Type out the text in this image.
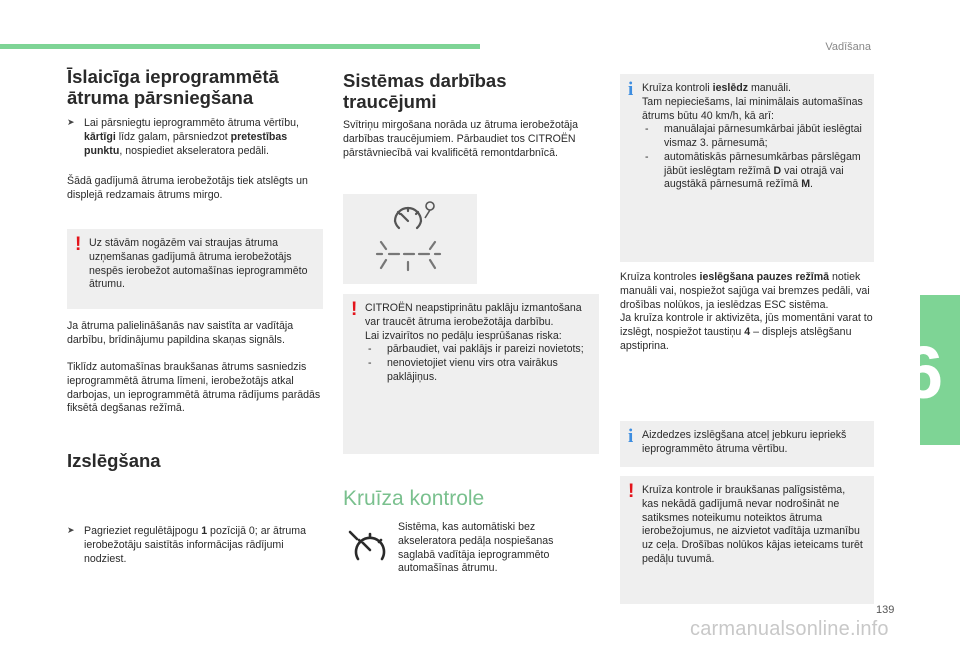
Vadīšana
6
139
carmanualsonline.info
Īslaicīga ieprogrammētā ātruma pārsniegšana
➤ Lai pārsniegtu ieprogrammēto ātruma vērtību, kārtīgi līdz galam, pārsniedzot pretestības punktu, nospiediet akseleratora pedāli.

Šādā gadījumā ātruma ierobežotājs tiek atslēgts un displejā redzamais ātrums mirgo.

! Uz stāvām nogāzēm vai straujas ātruma uzņemšanas gadījumā ātruma ierobežotājs nespēs ierobežot automašīnas ieprogrammēto ātrumu.

Ja ātruma palielināšanās nav saistīta ar vadītāja darbību, brīdinājumu papildina skaņas signāls.

Tiklīdz automašīnas braukšanas ātrums sasniedzis ieprogrammētā ātruma līmeni, ierobežotājs atkal darbojas, un ieprogrammētā ātruma rādījums parādās fiksētā degšanas režīmā.

Izslēgšana
➤ Pagrieziet regulētājpogu 1 pozīcijā 0; ar ātruma ierobežotāju saistītās informācijas rādījumi nodziest.

Sistēmas darbības traucējumi

Svītriņu mirgošana norāda uz ātruma ierobežotāja darbības traucējumiem. Pārbaudiet tos CITROËN pārstāvniecībā vai kvalificētā remontdarbnīcā.

! CITROËN neapstiprinātu paklāju izmantošana var traucēt ātruma ierobežotāja darbību.

Lai izvairītos no pedāļu iesprūšanas riska:

- pārbaudiet, vai paklājs ir pareizi novietots;
- nenovietojiet vienu virs otra vairākus paklājiņus.
Kruīza kontrole

Sistēma, kas automātiski bez akseleratora pedāļa nospiešanas saglabā vadītāja ieprogrammēto automašīnas ātrumu.

i Kruīza kontroli ieslēdz manuāli.

Tam nepieciešams, lai minimālais automašīnas ātrums būtu 40 km/h, kā arī:

- manuālajai pārnesumkārbai jābūt ieslēgtai vismaz 3. pārnesumā;
- automātiskās pārnesumkārbas pārslēgam jābūt ieslēgtam režīmā D vai otrajā vai augstākā pārnesumā režīmā M.

Kruīza kontroles ieslēgšana pauzes režīmā notiek manuāli vai, nospiežot sajūga vai bremzes pedāli, vai drošības nolūkos, ja ieslēdzas ESC sistēma.

Ja kruīza kontrole ir aktivizēta, jūs momentāni varat to izslēgt, nospiežot taustiņu 4 – displejs atslēgšanu apstiprina.

i Aizdedzes izslēgšana atceļ jebkuru iepriekš ieprogrammēto ātruma vērtību.

! Kruīza kontrole ir braukšanas palīgsistēma, kas nekādā gadījumā nevar nodrošināt ne satiksmes noteikumu noteiktos ātruma ierobežojumus, ne aizvietot vadītāja uzmanību uz ceļa. Drošības nolūkos kājas ieteicams turēt pedāļu tuvumā.
